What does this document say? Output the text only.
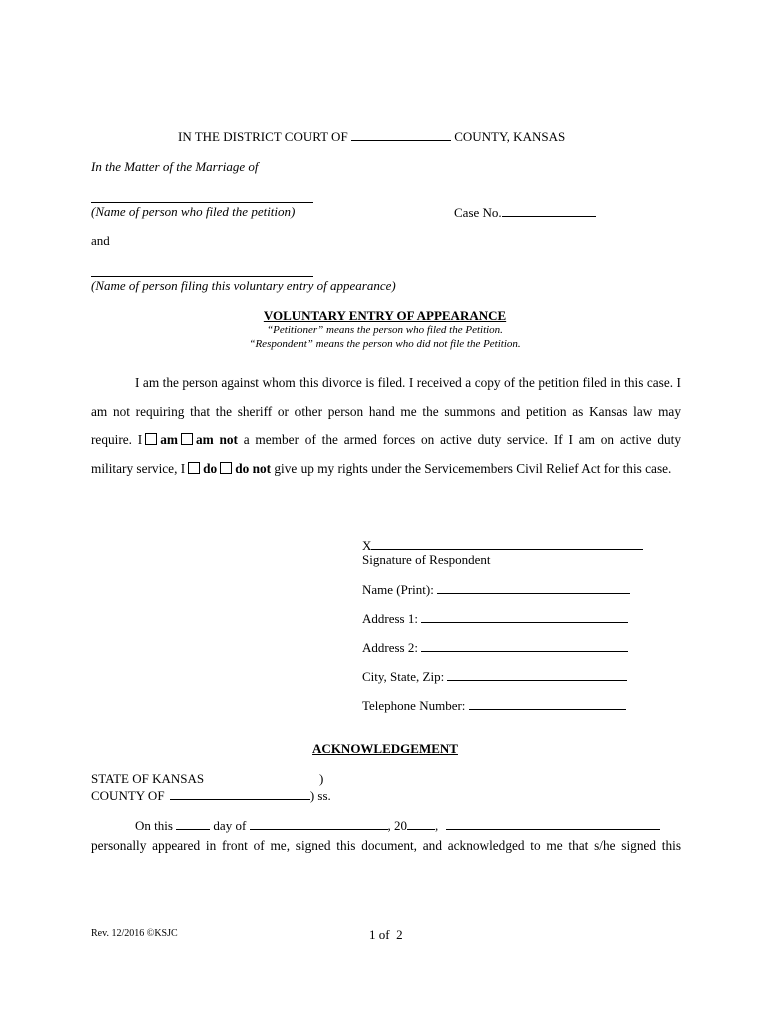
IN THE DISTRICT COURT OF	COUNTY, KANSAS
In the Matter of the Marriage of
(Name of person who filed the petition)	Case No.
and
(Name of person filing this voluntary entry of appearance)
VOLUNTARY ENTRY OF APPEARANCE
“Petitioner” means the person who filed the Petition.
“Respondent” means the person who did not file the Petition.

I am the person against whom this divorce is filed. I received a copy of the petition filed in this case. I am not requiring that the sheriff or other person hand me the summons and petition as Kansas law may require. I am am not a member of the armed forces on active duty service. If I am on active duty military service, I do do not give up my rights under the Servicemembers Civil Relief Act for this case.

X
Signature of Respondent
Name (Print):
Address 1:
Address 2:
City, State, Zip:
Telephone Number:
ACKNOWLEDGEMENT
STATE OF KANSAS	)
COUNTY OF	) ss.
On this	day of	, 20 ,
personally appeared in front of me, signed this document, and acknowledged to me that s/he signed this
Rev. 12/2016 ©KSJC	1 of  2
